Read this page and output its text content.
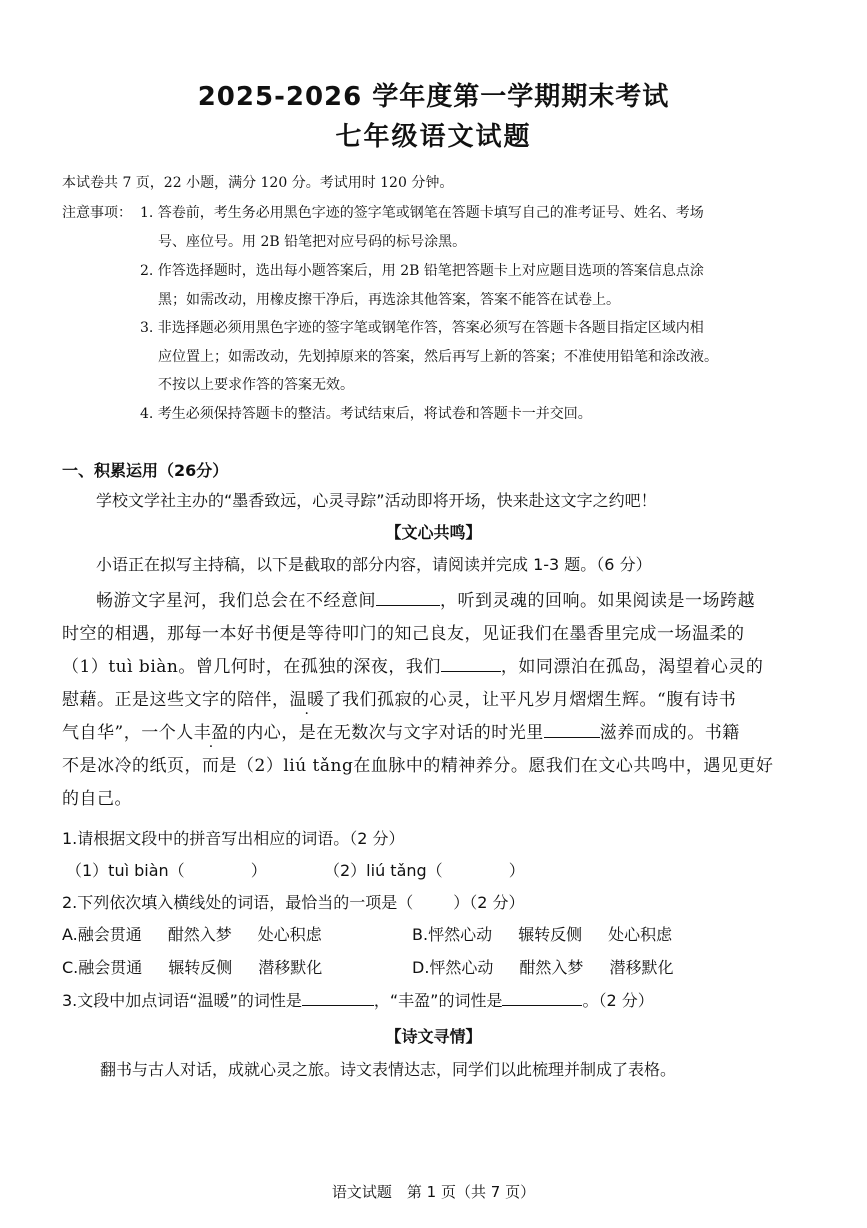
2025-2026 学年度第一学期期末考试
七年级语文试题
本试卷共 7 页，22 小题，满分 120 分。考试用时 120 分钟。
注意事项： 1. 答卷前，考生务必用黑色字迹的签字笔或钢笔在答题卡填写自己的准考证号、姓名、考场
号、座位号。用 2B 铅笔把对应号码的标号涂黑。
2. 作答选择题时，选出每小题答案后，用 2B 铅笔把答题卡上对应题目选项的答案信息点涂
黑；如需改动，用橡皮擦干净后，再选涂其他答案，答案不能答在试卷上。
3. 非选择题必须用黑色字迹的签字笔或钢笔作答，答案必须写在答题卡各题目指定区域内相
应位置上；如需改动，先划掉原来的答案，然后再写上新的答案；不准使用铅笔和涂改液。
不按以上要求作答的答案无效。
4. 考生必须保持答题卡的整洁。考试结束后，将试卷和答题卡一并交回。
一、积累运用（26分）
学校文学社主办的“墨香致远，心灵寻踪”活动即将开场，快来赴这文字之约吧！
【文心共鸣】
小语正在拟写主持稿，以下是截取的部分内容，请阅读并完成 1-3 题。（6 分）
畅游文字星河，我们总会在不经意间	，听到灵魂的回响。如果阅读是一场跨越
时空的相遇，那每一本好书便是等待叩门的知己良友，见证我们在墨香里完成一场温柔的
（1）tuì biàn。曾几何时，在孤独的深夜，我们	，如同漂泊在孤岛，渴望着心灵的
慰藉。正是这些文字的陪伴，温暖了我们孤寂的心灵，让平凡岁月熠熠生辉。“腹有诗书
气自华”，一个人丰盈的内心，是在无数次与文字对话的时光里	滋养而成的。书籍
不是冰冷的纸页，而是（2）liú tǎng在血脉中的精神养分。愿我们在文心共鸣中，遇见更好
的自己。
1.请根据文段中的拼音写出相应的词语。（2 分）
（1）tuì biàn（	）	（2）liú tǎng（	）
2.下列依次填入横线处的词语，最恰当的一项是（	）（2 分）
A.融会贯通 酣然入梦 处心积虑	B.怦然心动 辗转反侧 处心积虑
C.融会贯通 辗转反侧 潜移默化	D.怦然心动 酣然入梦 潜移默化
3.文段中加点词语“温暖”的词性是	，“丰盈”的词性是	。（2 分）
【诗文寻情】
翻书与古人对话，成就心灵之旅。诗文表情达志，同学们以此梳理并制成了表格。
语文试题　第 1 页（共 7 页）
